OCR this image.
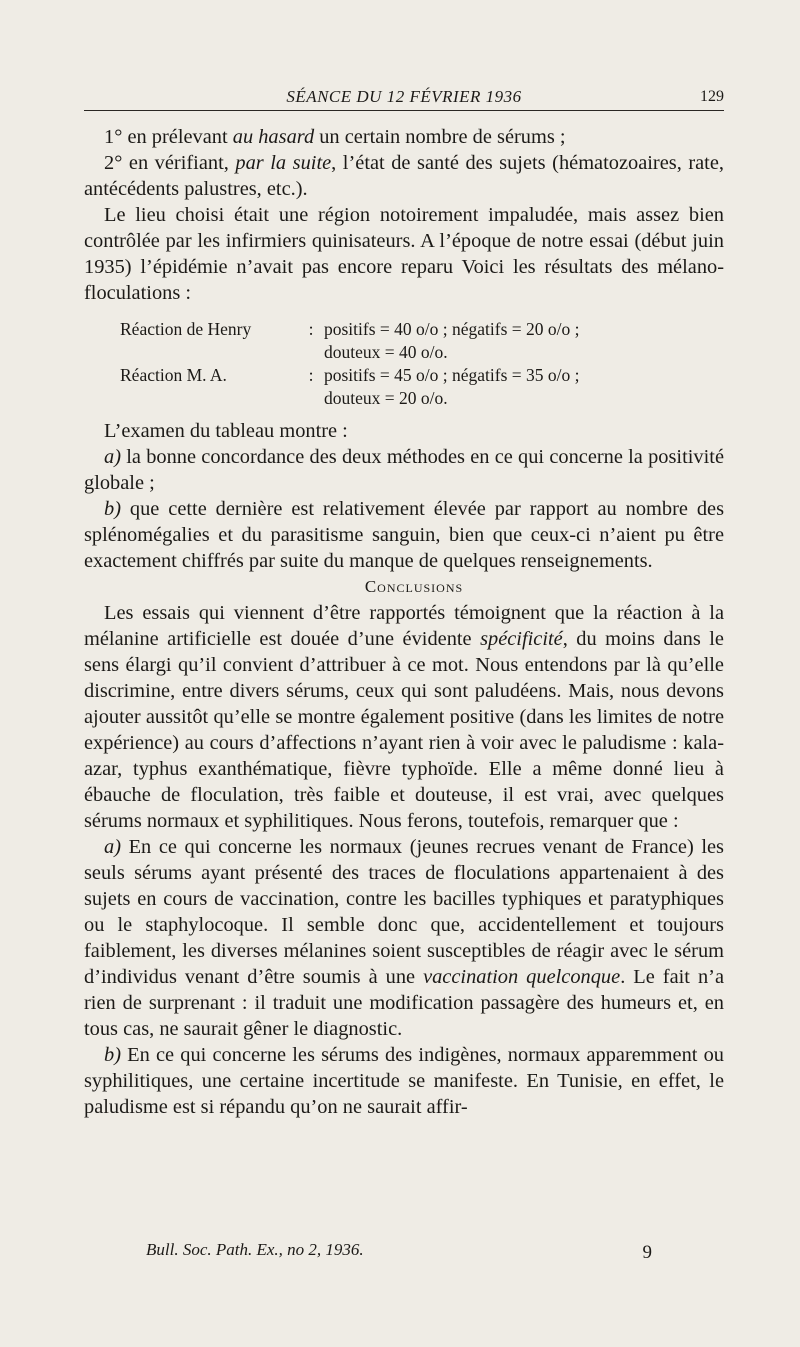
SÉANCE DU 12 FÉVRIER 1936	129

1° en prélevant au hasard un certain nombre de sérums ;

2° en vérifiant, par la suite, l’état de santé des sujets (hématozoaires, rate, antécédents palustres, etc.).

Le lieu choisi était une région notoirement impaludée, mais assez bien contrôlée par les infirmiers quinisateurs. A l’époque de notre essai (début juin 1935) l’épidémie n’avait pas encore reparu Voici les résultats des mélano-floculations :

Réaction de Henry	: positifs = 40 o/o ; négatifs = 20 o/o ;
douteux = 40 o/o.
Réaction M. A.	: positifs = 45 o/o ; négatifs = 35 o/o ;
douteux = 20 o/o.

L’examen du tableau montre :

a) la bonne concordance des deux méthodes en ce qui concerne la positivité globale ;

b) que cette dernière est relativement élevée par rapport au nombre des splénomégalies et du parasitisme sanguin, bien que ceux-ci n’aient pu être exactement chiffrés par suite du manque de quelques renseignements.

Conclusions

Les essais qui viennent d’être rapportés témoignent que la réaction à la mélanine artificielle est douée d’une évidente spécificité, du moins dans le sens élargi qu’il convient d’attribuer à ce mot. Nous entendons par là qu’elle discrimine, entre divers sérums, ceux qui sont paludéens. Mais, nous devons ajouter aussitôt qu’elle se montre également positive (dans les limites de notre expérience) au cours d’affections n’ayant rien à voir avec le paludisme : kala-azar, typhus exanthématique, fièvre typhoïde. Elle a même donné lieu à ébauche de floculation, très faible et douteuse, il est vrai, avec quelques sérums normaux et syphilitiques. Nous ferons, toutefois, remarquer que :

a) En ce qui concerne les normaux (jeunes recrues venant de France) les seuls sérums ayant présenté des traces de floculations appartenaient à des sujets en cours de vaccination, contre les bacilles typhiques et paratyphiques ou le staphylocoque. Il semble donc que, accidentellement et toujours faiblement, les diverses mélanines soient susceptibles de réagir avec le sérum d’individus venant d’être soumis à une vaccination quelconque. Le fait n’a rien de surprenant : il traduit une modification passagère des humeurs et, en tous cas, ne saurait gêner le diagnostic.

b) En ce qui concerne les sérums des indigènes, normaux apparemment ou syphilitiques, une certaine incertitude se manifeste. En Tunisie, en effet, le paludisme est si répandu qu’on ne saurait affir-

Bull. Soc. Path. Ex., no 2, 1936.	9
